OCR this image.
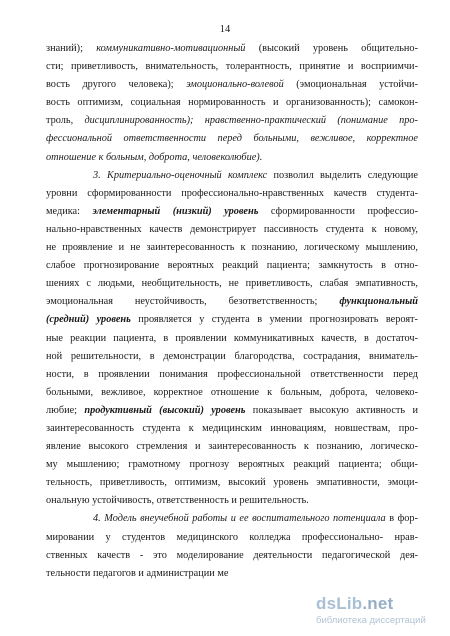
14
знаний); коммуникативно-мотивационный (высокий уровень общительно-
сти; приветливость, внимательность, толерантность, принятие и восприимчи-
вость другого человека); эмоционально-волевой (эмоциональная устойчи-
вость оптимизм, социальная нормированность и организованность); самокон-
троль, дисциплинированность); нравственно-практический (понимание про-
фессиональной ответственности перед больными, вежливое, корректное
отношение к больным, доброта, человеколюбие).
3. Критериально-оценочный комплекс позволил выделить следующие
уровни сформированности профессионально-нравственных качеств студента-
медика: элементарный (низкий) уровень сформированности профессио-
нально-нравственных качеств демонстрирует пассивность студента к новому,
не проявление и не заинтересованность к познанию, логическому мышлению,
слабое прогнозирование вероятных реакций пациента; замкнутость в отно-
шениях с людьми, необщительность, не приветливость, слабая эмпативность,
эмоциональная неустойчивость, безответственность; функциональный
(средний) уровень проявляется у студента в умении прогнозировать вероят-
ные реакции пациента, в проявлении коммуникативных качеств, в достаточ-
ной решительности, в демонстрации благородства, сострадания, вниматель-
ности, в проявлении понимания профессиональной ответственности перед
больными, вежливое, корректное отношение к больным, доброта, человеко-
любие; продуктивный (высокий) уровень показывает высокую активность и
заинтересованность студента к медицинским инновациям, новшествам, про-
явление высокого стремления и заинтересованность к познанию, логическо-
му мышлению; грамотному прогнозу вероятных реакций пациента; общи-
тельность, приветливость, оптимизм, высокий уровень эмпативности, эмоци-
ональную устойчивость, ответственность и решительность.
4. Модель внеучебной работы и ее воспитательного потенциала в фор-
мировании у студентов медицинского колледжа профессионально- нрав-
ственных качеств - это моделирование деятельности педагогической дея-
тельности педагогов и администрации ме
dsLib.net
библиотека диссертаций
